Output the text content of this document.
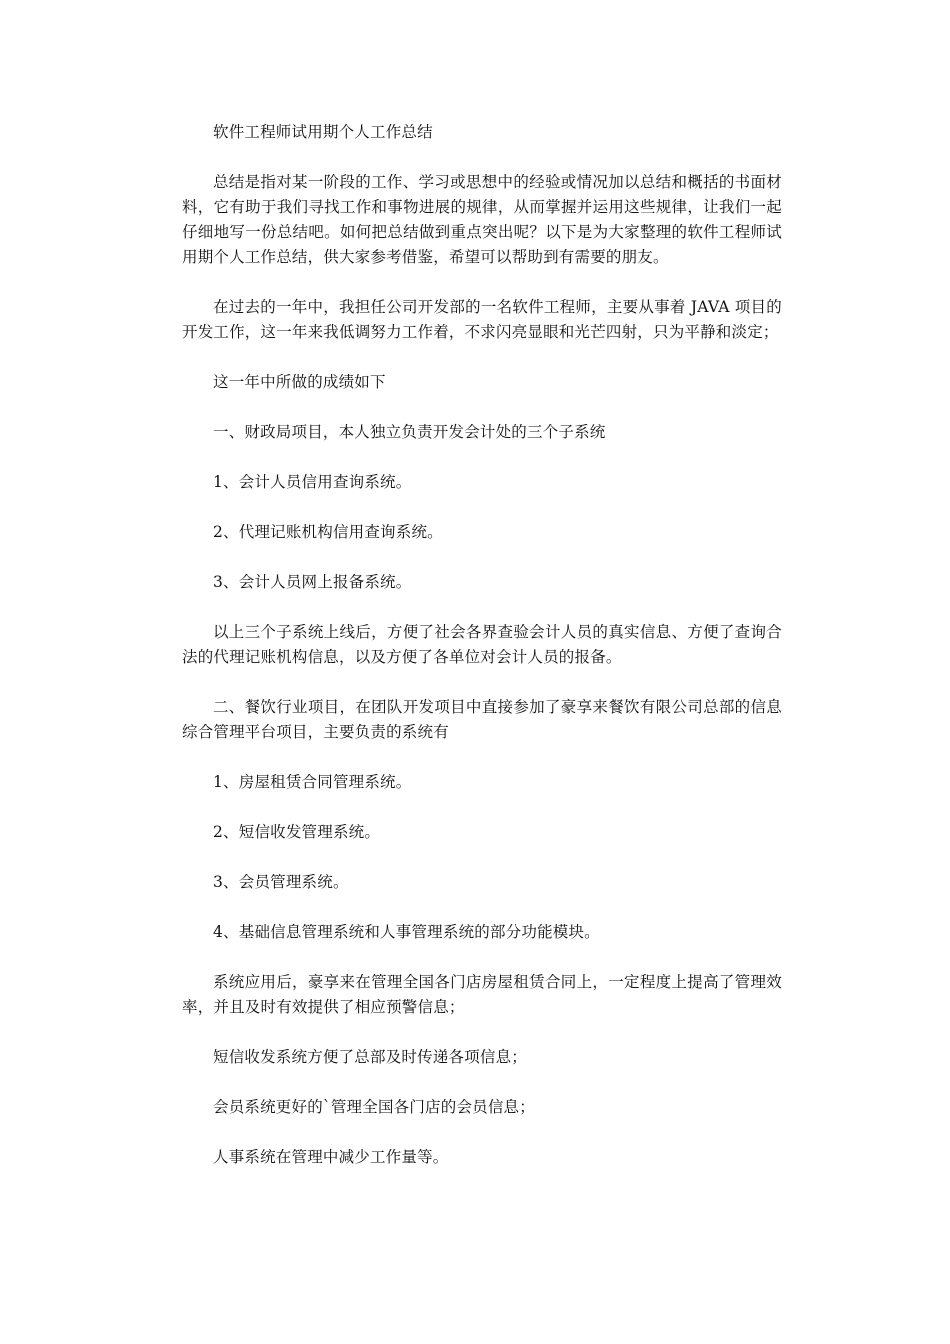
软件工程师试用期个人工作总结

总结是指对某一阶段的工作、学习或思想中的经验或情况加以总结和概括的书面材料，它有助于我们寻找工作和事物进展的规律，从而掌握并运用这些规律，让我们一起仔细地写一份总结吧。如何把总结做到重点突出呢？以下是为大家整理的软件工程师试用期个人工作总结，供大家参考借鉴，希望可以帮助到有需要的朋友。

在过去的一年中，我担任公司开发部的一名软件工程师，主要从事着 JAVA 项目的开发工作，这一年来我低调努力工作着，不求闪亮显眼和光芒四射，只为平静和淡定；

这一年中所做的成绩如下

一、财政局项目，本人独立负责开发会计处的三个子系统

1、会计人员信用查询系统。

2、代理记账机构信用查询系统。

3、会计人员网上报备系统。

以上三个子系统上线后，方便了社会各界查验会计人员的真实信息、方便了查询合法的代理记账机构信息，以及方便了各单位对会计人员的报备。

二、餐饮行业项目，在团队开发项目中直接参加了豪享来餐饮有限公司总部的信息综合管理平台项目，主要负责的系统有

1、房屋租赁合同管理系统。

2、短信收发管理系统。

3、会员管理系统。

4、基础信息管理系统和人事管理系统的部分功能模块。

系统应用后，豪享来在管理全国各门店房屋租赁合同上，一定程度上提高了管理效率，并且及时有效提供了相应预警信息；

短信收发系统方便了总部及时传递各项信息；

会员系统更好的`管理全国各门店的会员信息；

人事系统在管理中减少工作量等。
